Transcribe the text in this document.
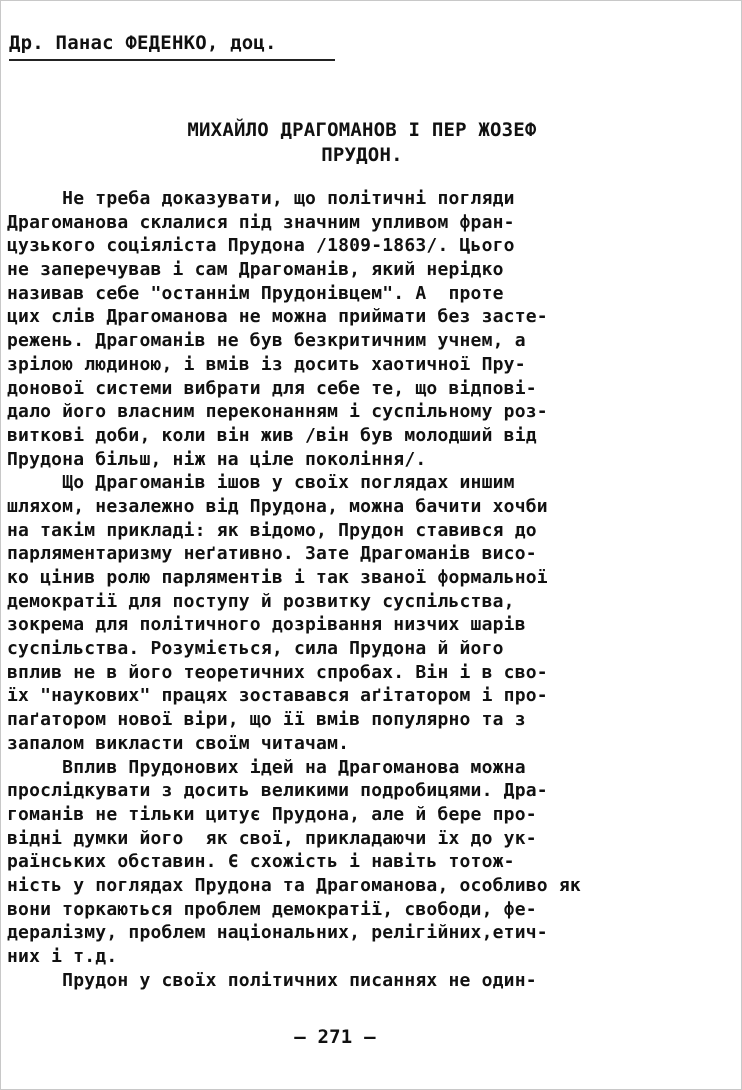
Др. Панас ФЕДЕНКО, доц.
МИХАЙЛО ДРАГОМАНОВ І ПЕР ЖОЗЕФ
ПРУДОН.
Не треба доказувати, що політичні погляди
Драгоманова склалися під значним упливом фран-
цузького соціяліста Прудона /1809-1863/. Цього
не заперечував і сам Драгоманів, який нерідко
називав себе "останнім Прудонівцем". А  проте
цих слів Драгоманова не можна приймати без засте-
режень. Драгоманів не був безкритичним учнем, а
зрілою людиною, і вмів із досить хаотичної Пру-
донової системи вибрати для себе те, що відпові-
дало його власним переконанням і суспільному роз-
виткові доби, коли він жив /він був молодший від
Прудона більш, ніж на ціле покоління/.
Що Драгоманів ішов у своїх поглядах иншим
шляхом, незалежно від Прудона, можна бачити хочби
на такім прикладі: як відомо, Прудон ставився до
парляментаризму неґативно. Зате Драгоманів висо-
ко цінив ролю парляментів і так званої формальної
демократії для поступу й розвитку суспільства,
зокрема для політичного дозрівання низчих шарів
суспільства. Розуміється, сила Прудона й його
вплив не в його теоретичних спробах. Він і в сво-
їх "наукових" працях зоставався аґітатором і про-
паґатором нової віри, що її вмів популярно та з
запалом викласти своїм читачам.
Вплив Прудонових ідей на Драгоманова можна
прослідкувати з досить великими подробицями. Дра-
гоманів не тільки цитує Прудона, але й бере про-
відні думки його  як свої, прикладаючи їх до ук-
раїнських обставин. Є схожість і навіть тотож-
ність у поглядах Прудона та Драгоманова, особливо як
вони торкаються проблем демократії, свободи, фе-
дералізму, проблем національних, релігійних,етич-
них і т.д.
Прудон у своїх політичних писаннях не один-
— 271 —
